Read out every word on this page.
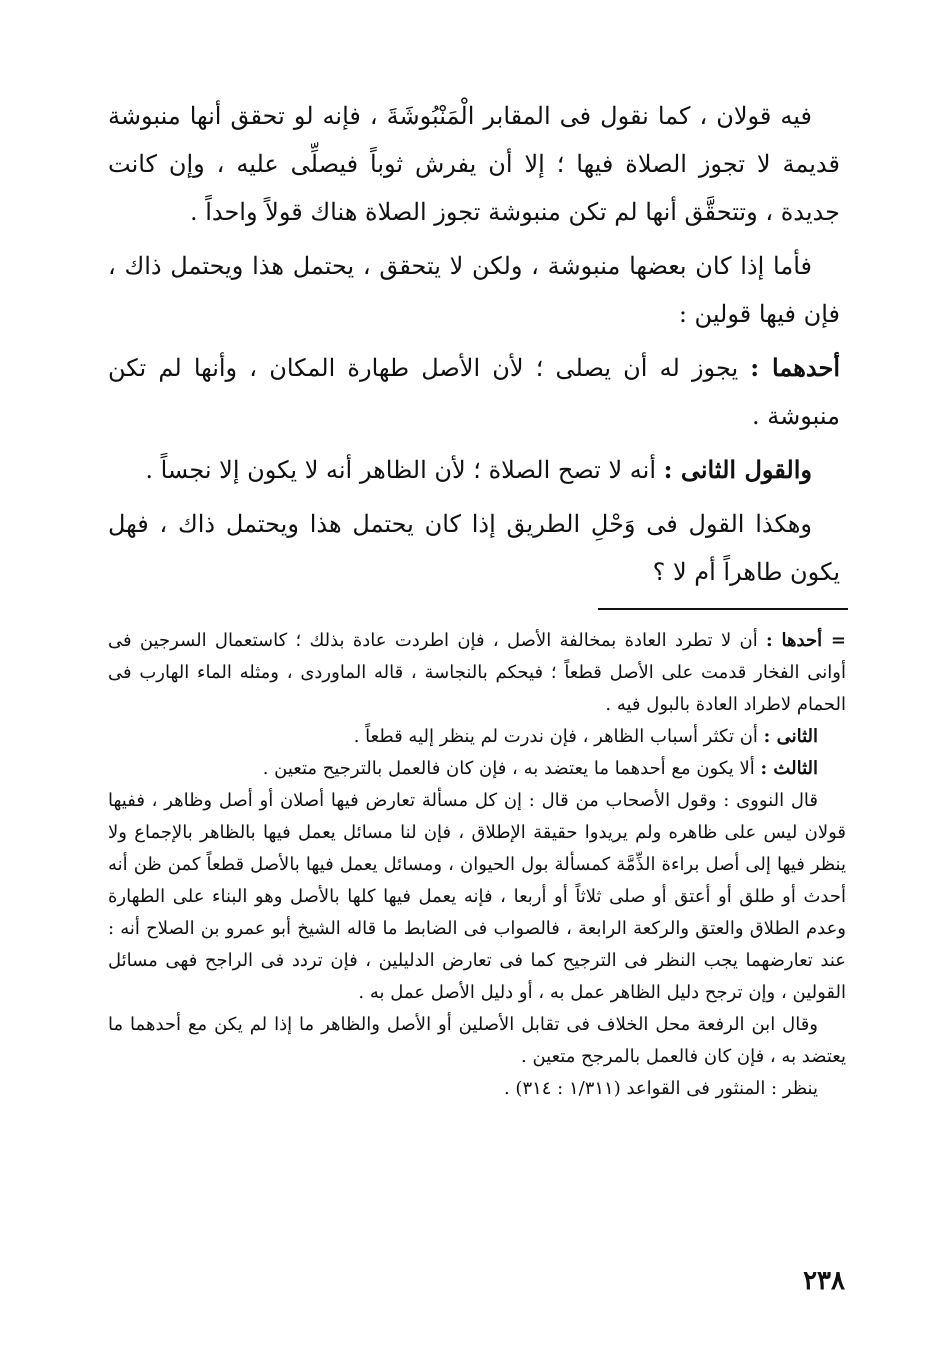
فيه قولان ، كما نقول فى المقابر الْمَنْبُوشَةَ ، فإنه لو تحقق أنها منبوشة قديمة لا تجوز الصلاة فيها ؛ إلا أن يفرش ثوباً فيصلِّى عليه ، وإن كانت جديدة ، وتتحقَّق أنها لم تكن منبوشة تجوز الصلاة هناك قولاً واحداً .

فأما إذا كان بعضها منبوشة ، ولكن لا يتحقق ، يحتمل هذا ويحتمل ذاك ، فإن فيها قولين :

أحدهما : يجوز له أن يصلى ؛ لأن الأصل طهارة المكان ، وأنها لم تكن منبوشة .

والقول الثانى : أنه لا تصح الصلاة ؛ لأن الظاهر أنه لا يكون إلا نجساً .

وهكذا القول فى وَحْلِ الطريق إذا كان يحتمل هذا ويحتمل ذاك ، فهل يكون طاهراً أم لا ؟

= أحدها : أن لا تطرد العادة بمخالفة الأصل ، فإن اطردت عادة بذلك ؛ كاستعمال السرجين فى أوانى الفخار قدمت على الأصل قطعاً ؛ فيحكم بالنجاسة ، قاله الماوردى ، ومثله الماء الهارب فى الحمام لاطراد العادة بالبول فيه .

الثانى : أن تكثر أسباب الظاهر ، فإن ندرت لم ينظر إليه قطعاً .

الثالث : ألا يكون مع أحدهما ما يعتضد به ، فإن كان فالعمل بالترجيح متعين .

قال النووى : وقول الأصحاب من قال : إن كل مسألة تعارض فيها أصلان أو أصل وظاهر ، ففيها قولان ليس على ظاهره ولم يريدوا حقيقة الإطلاق ، فإن لنا مسائل يعمل فيها بالظاهر بالإجماع ولا ينظر فيها إلى أصل براءة الذِّمَّة كمسألة بول الحيوان ، ومسائل يعمل فيها بالأصل قطعاً كمن ظن أنه أحدث أو طلق أو أعتق أو صلى ثلاثاً أو أربعا ، فإنه يعمل فيها كلها بالأصل وهو البناء على الطهارة وعدم الطلاق والعتق والركعة الرابعة ، فالصواب فى الضابط ما قاله الشيخ أبو عمرو بن الصلاح أنه : عند تعارضهما يجب النظر فى الترجيح كما فى تعارض الدليلين ، فإن تردد فى الراجح فهى مسائل القولين ، وإن ترجح دليل الظاهر عمل به ، أو دليل الأصل عمل به .

وقال ابن الرفعة محل الخلاف فى تقابل الأصلين أو الأصل والظاهر ما إذا لم يكن مع أحدهما ما يعتضد به ، فإن كان فالعمل بالمرجح متعين .

ينظر : المنثور فى القواعد (١/٣١١ : ٣١٤) .

٢٣٨
